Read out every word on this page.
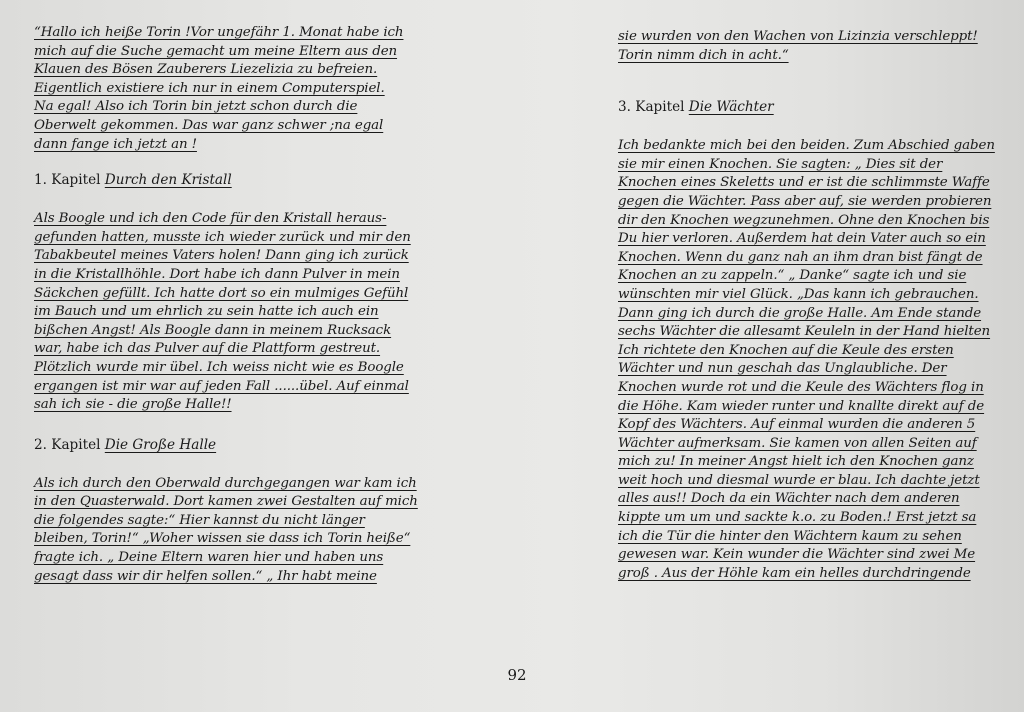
“Hallo ich heiße Torin !Vor ungefähr 1. Monat habe ich

mich auf die Suche gemacht um meine Eltern aus den

Klauen des Bösen Zauberers Liezelizia zu befreien.

Eigentlich existiere ich nur in einem Computerspiel.

Na egal! Also ich Torin bin jetzt schon durch die

Oberwelt gekommen. Das war ganz schwer ;na egal

dann fange ich jetzt an !

1. Kapitel Durch den Kristall

Als Boogle und ich den Code für den Kristall heraus-

gefunden hatten, musste ich wieder zurück und mir den

Tabakbeutel meines Vaters holen! Dann ging ich zurück

in die Kristallhöhle. Dort habe ich dann Pulver in mein

Säckchen gefüllt. Ich hatte dort so ein mulmiges Gefühl

im Bauch und um ehrlich zu sein hatte ich auch ein

bißchen Angst! Als Boogle dann in meinem Rucksack

war, habe ich das Pulver auf die Plattform gestreut.

Plötzlich wurde mir übel. Ich weiss nicht wie es Boogle

ergangen ist mir war auf jeden Fall ......übel. Auf einmal

sah ich sie - die große Halle!!

2. Kapitel Die Große Halle

Als ich durch den Oberwald durchgegangen war kam ich

in den Quasterwald. Dort kamen zwei Gestalten auf mich

die folgendes sagte:“ Hier kannst du nicht länger

bleiben, Torin!“ „Woher wissen sie dass ich Torin heiße“

fragte ich. „ Deine Eltern waren hier und haben uns

gesagt dass wir dir helfen sollen.“ „ Ihr habt meine

sie wurden von den Wachen von Lizinzia verschleppt!

Torin nimm dich in acht.“

3. Kapitel Die Wächter

Ich bedankte mich bei den beiden. Zum Abschied gaben

sie mir einen Knochen. Sie sagten: „ Dies sit der

Knochen eines Skeletts und er ist die schlimmste Waffe

gegen die Wächter. Pass aber auf, sie werden probieren

dir den Knochen wegzunehmen. Ohne den Knochen bis

Du hier verloren. Außerdem hat dein Vater auch so ein

Knochen. Wenn du ganz nah an ihm dran bist fängt de

Knochen an zu zappeln.“ „ Danke“ sagte ich und sie

wünschten mir viel Glück. „Das kann ich gebrauchen.

Dann ging ich durch die große Halle. Am Ende stande

sechs Wächter die allesamt Keuleln in der Hand hielten

Ich richtete den Knochen auf die Keule des ersten

Wächter und nun geschah das Unglaubliche. Der

Knochen wurde rot und die Keule des Wächters flog in

die Höhe. Kam wieder runter und knallte direkt auf de

Kopf des Wächters. Auf einmal wurden die anderen 5

Wächter aufmerksam. Sie kamen von allen Seiten auf

mich zu! In meiner Angst hielt ich den Knochen ganz

weit hoch und diesmal wurde er blau. Ich dachte jetzt

alles aus!! Doch da ein Wächter nach dem anderen

kippte um um und sackte k.o. zu Boden.! Erst jetzt sa

ich die Tür die hinter den Wächtern kaum zu sehen

gewesen war. Kein wunder die Wächter sind zwei Me

groß . Aus der Höhle kam ein helles durchdringende

92
